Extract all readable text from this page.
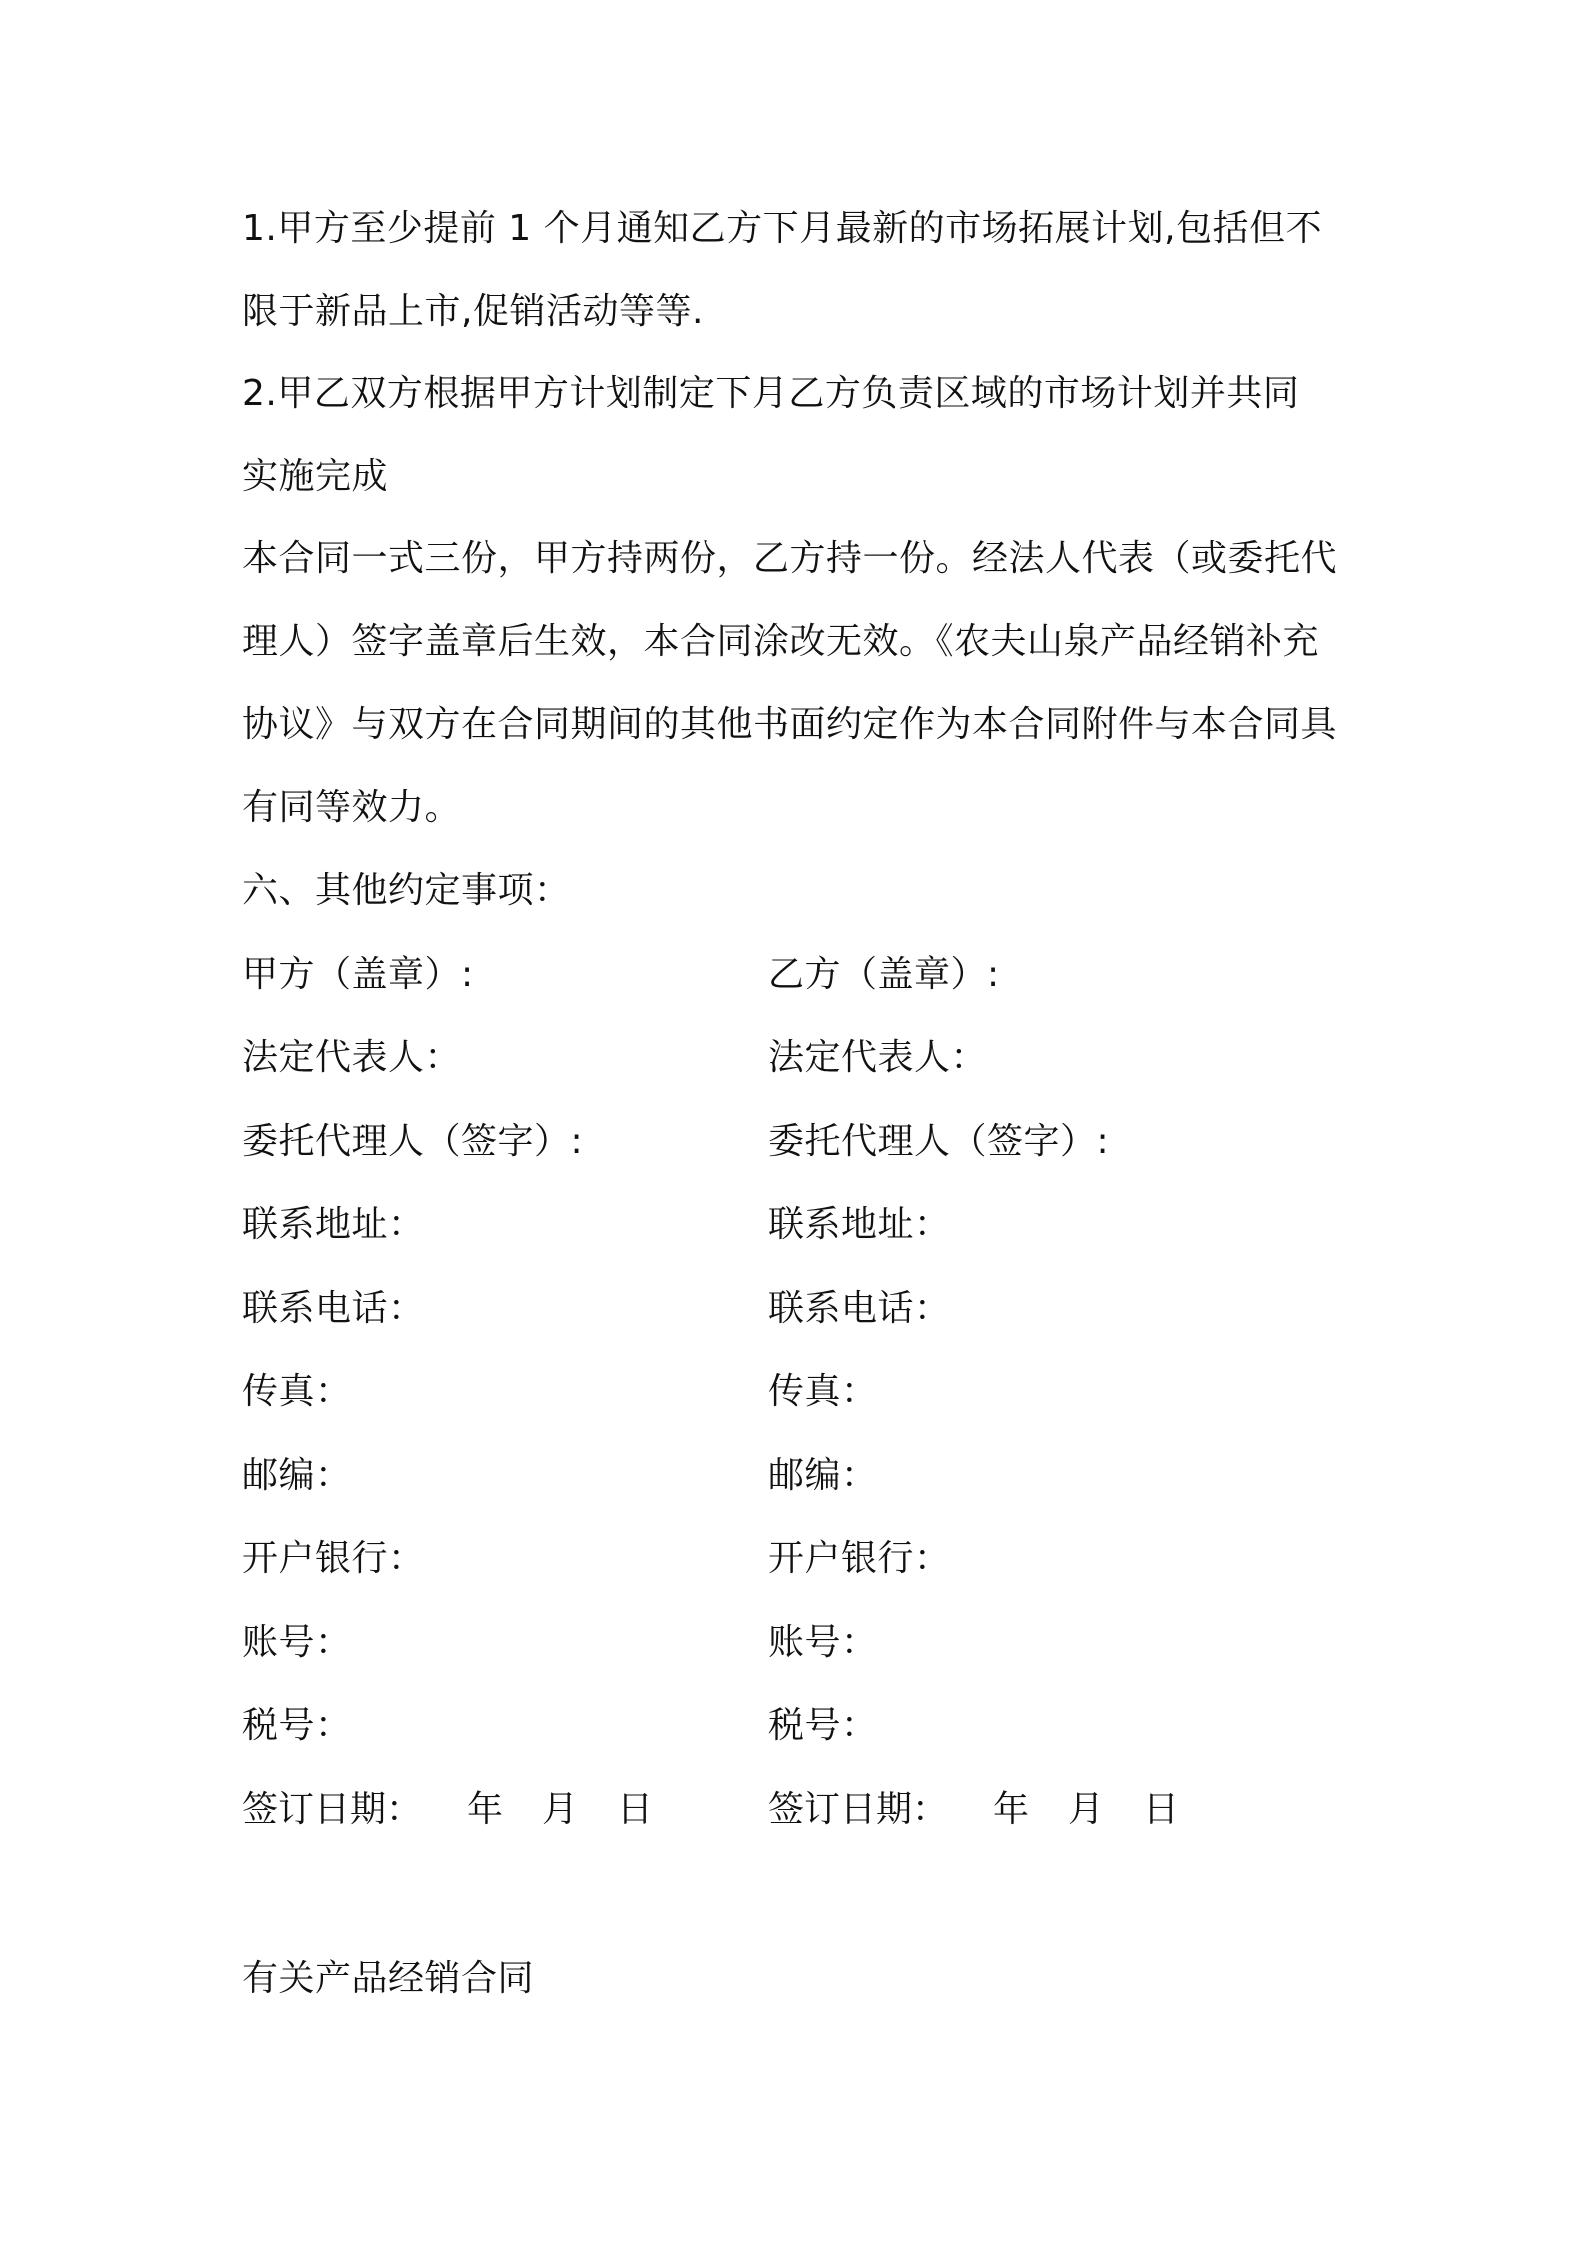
1.甲方至少提前 1 个月通知乙方下月最新的市场拓展计划,包括但不
限于新品上市,促销活动等等.
2.甲乙双方根据甲方计划制定下月乙方负责区域的市场计划并共同
实施完成
本合同一式三份，甲方持两份，乙方持一份。经法人代表（或委托代
理人）签字盖章后生效，本合同涂改无效。《农夫山泉产品经销补充
协议》与双方在合同期间的其他书面约定作为本合同附件与本合同具
有同等效力。
六、其他约定事项：
甲方（盖章）:	乙方（盖章）:
法定代表人：	法定代表人：
委托代理人（签字）:	委托代理人（签字）:
联系地址：	联系地址：
联系电话：	联系电话：
传真：	传真：
邮编：	邮编：
开户银行：	开户银行：
账号：	账号：
税号：	税号：
签订日期： 年 月 日	签订日期： 年 月 日
有关产品经销合同
